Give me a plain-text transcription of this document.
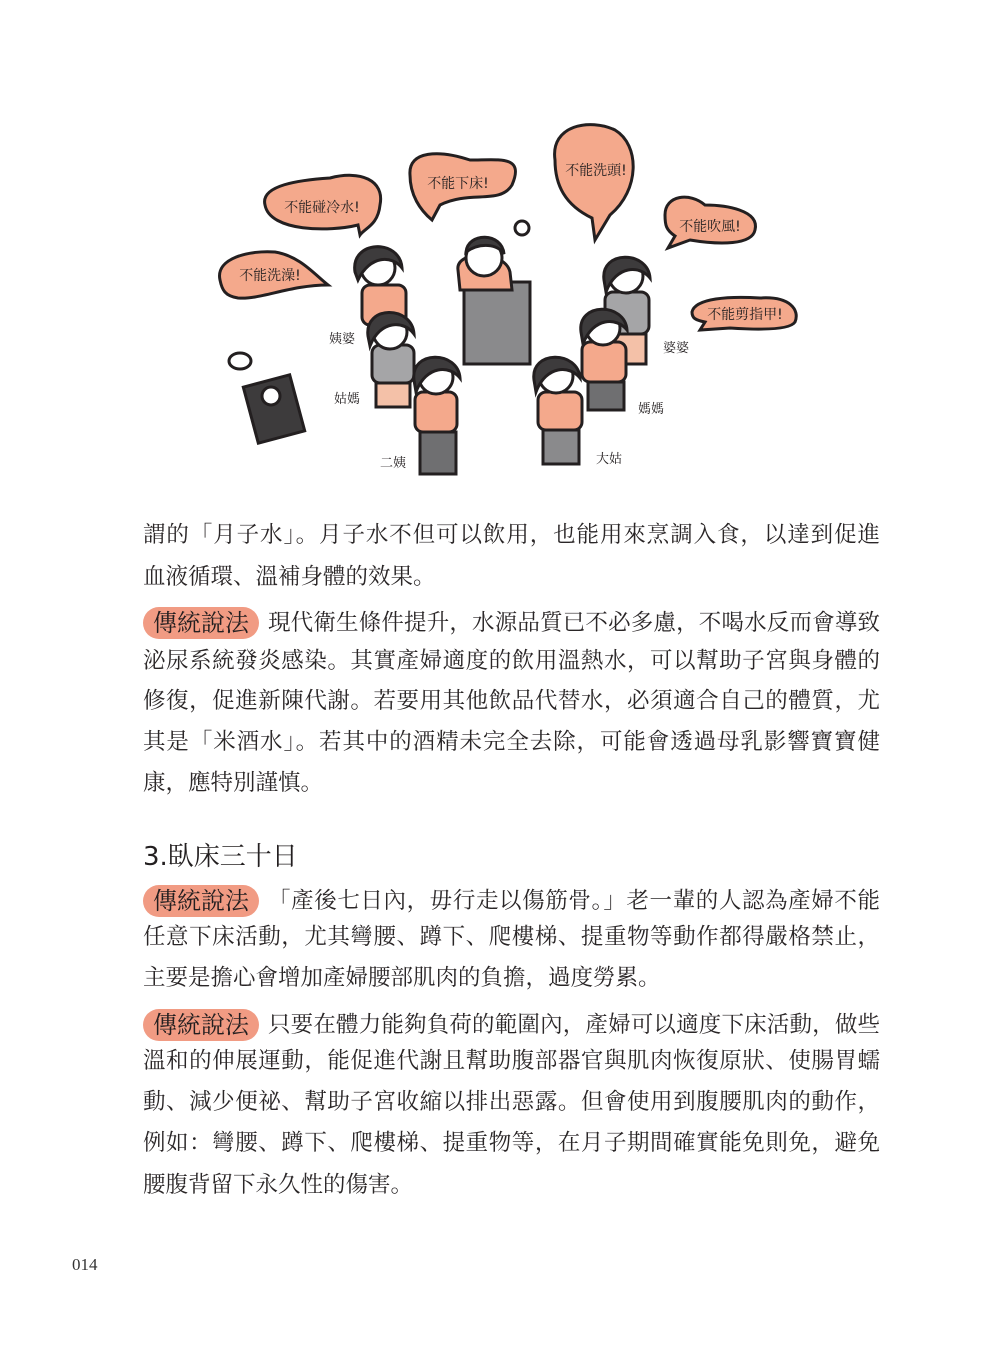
不能碰冷水!
不能下床!
不能洗頭!
不能吹風!
不能洗澡!
不能剪指甲!
姨婆
姑媽
二姨
婆婆
媽媽
大姑
謂的「月子水」。月子水不但可以飲用，也能用來烹調入食，以達到促進
血液循環、溫補身體的效果。
傳統說法 現代衛生條件提升，水源品質已不必多慮，不喝水反而會導致
泌尿系統發炎感染。其實產婦適度的飲用溫熱水，可以幫助子宮與身體的
修復，促進新陳代謝。若要用其他飲品代替水，必須適合自己的體質，尤
其是「米酒水」。若其中的酒精未完全去除，可能會透過母乳影響寶寶健
康，應特別謹慎。
3.臥床三十日
傳統說法 「產後七日內，毋行走以傷筋骨。」老一輩的人認為產婦不能
任意下床活動，尤其彎腰、蹲下、爬樓梯、提重物等動作都得嚴格禁止，
主要是擔心會增加產婦腰部肌肉的負擔，過度勞累。
傳統說法 只要在體力能夠負荷的範圍內，產婦可以適度下床活動，做些
溫和的伸展運動，能促進代謝且幫助腹部器官與肌肉恢復原狀、使腸胃蠕
動、減少便祕、幫助子宮收縮以排出惡露。但會使用到腹腰肌肉的動作，
例如：彎腰、蹲下、爬樓梯、提重物等，在月子期間確實能免則免，避免
腰腹背留下永久性的傷害。
014
